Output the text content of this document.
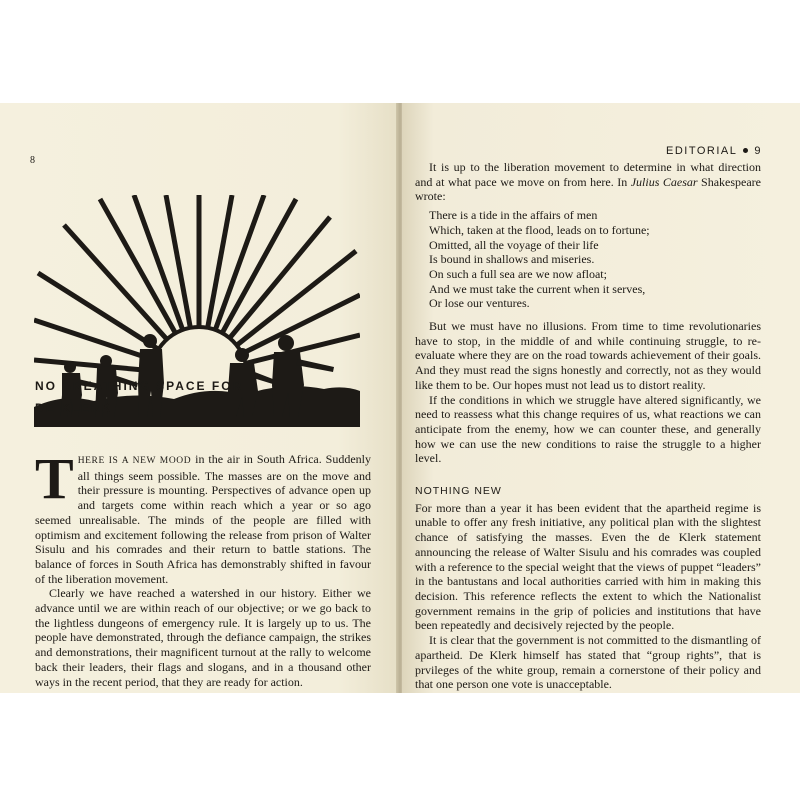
8
NO BREATHING SPACE FOR
DE KLERK

THERE IS A NEW MOOD in the air in South Africa. Suddenly all things seem possible. The masses are on the move and their pressure is mounting. Perspectives of advance open up and targets come within reach which a year or so ago seemed unrealisable. The minds of the people are filled with optimism and excitement following the release from prison of Walter Sisulu and his comrades and their return to battle stations. The balance of forces in South Africa has demonstrably shifted in favour of the liberation movement.

Clearly we have reached a watershed in our history. Either we advance until we are within reach of our objective; or we go back to the lightless dungeons of emergency rule. It is largely up to us. The people have demonstrated, through the defiance campaign, the strikes and demonstrations, their magnificent turnout at the rally to welcome back their leaders, their flags and slogans, and in a thousand other ways in the recent period, that they are ready for action.

EDITORIAL 9

It is up to the liberation movement to determine in what direction and at what pace we move on from here. In Julius Caesar Shakespeare wrote:

There is a tide in the affairs of men
Which, taken at the flood, leads on to fortune;
Omitted, all the voyage of their life
Is bound in shallows and miseries.
On such a full sea are we now afloat;
And we must take the current when it serves,
Or lose our ventures.

But we must have no illusions. From time to time revolutionaries have to stop, in the middle of and while continuing struggle, to re-evaluate where they are on the road towards achievement of their goals. And they must read the signs honestly and correctly, not as they would like them to be. Our hopes must not lead us to distort reality.

If the conditions in which we struggle have altered significantly, we need to reassess what this change requires of us, what reactions we can anticipate from the enemy, how we can counter these, and generally how we can use the new conditions to raise the struggle to a higher level.

NOTHING NEW

For more than a year it has been evident that the apartheid regime is unable to offer any fresh initiative, any political plan with the slightest chance of satisfying the masses. Even the de Klerk statement announcing the release of Walter Sisulu and his comrades was coupled with a reference to the special weight that the views of puppet “leaders” in the bantustans and local authorities carried with him in making this decision. This reference reflects the extent to which the Nationalist government remains in the grip of policies and institutions that have been repeatedly and decisively rejected by the people.

It is clear that the government is not committed to the dismantling of apartheid. De Klerk himself has stated that “group rights”, that is prvileges of the white group, remain a cornerstone of their policy and that one person one vote is unacceptable.
